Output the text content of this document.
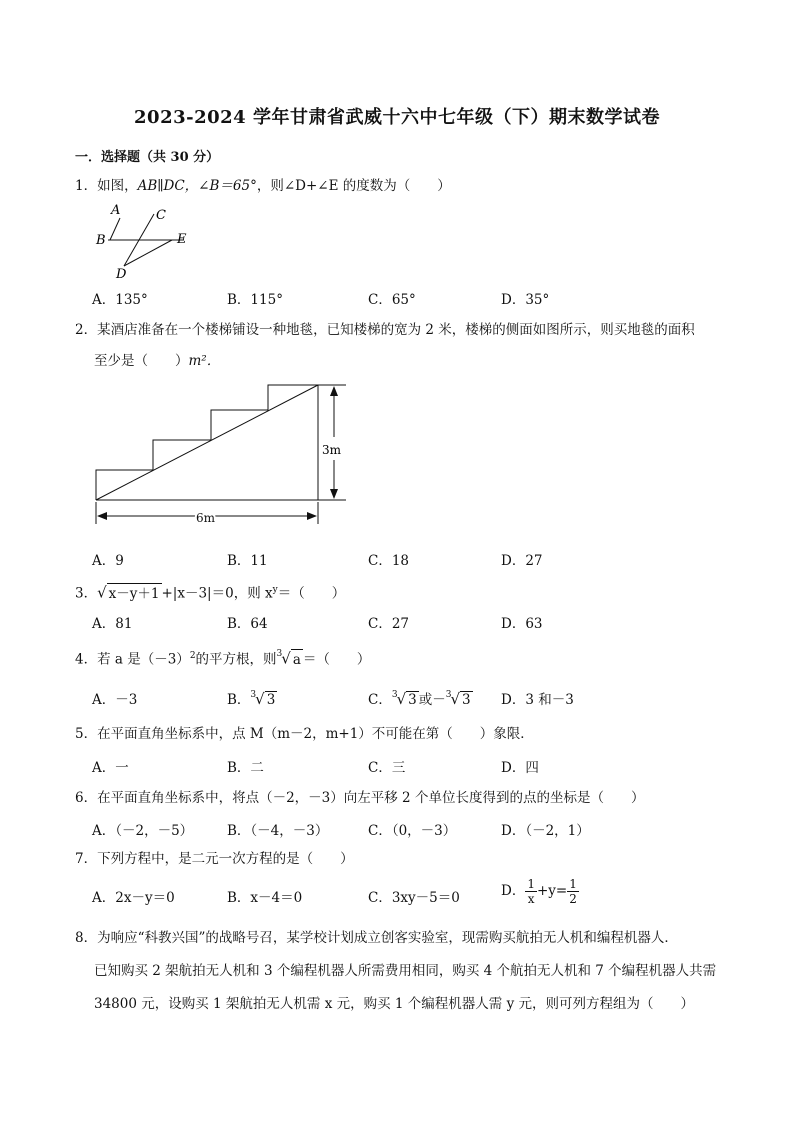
2023-2024 学年甘肃省武威十六中七年级（下）期末数学试卷
一．选择题（共 30 分）
1．如图，AB∥DC，∠B＝65°，则∠D+∠E 的度数为（　　）
A	C
B	E
D
A．135°	B．115°	C．65°	D．35°
2．某酒店准备在一个楼梯铺设一种地毯，已知楼梯的宽为 2 米，楼梯的侧面如图所示，则买地毯的面积
至少是（　　）m²．
3m
6m
A．9	B．11	C．18	D．27
3．√ x－y＋1 +|x－3|＝0，则 $x^y=$（　　）
A．81	B．64	C．27	D．63
4．若 a 是$(-3)^2$的平方根，则$^3$√ a ＝（　　）
A．－3	B．$^3$√ 3	C．$^3$√ 3 或－$^3$√ 3 D．3 和－3
5．在平面直角坐标系中，点 M（m－2，m+1）不可能在第（　　）象限．
A．一	B．二	C．三	D．四
6．在平面直角坐标系中，将点（－2，－3）向左平移 2 个单位长度得到的点的坐标是（　　）
A．（－2，－5）	B．（－4，－3）	C．（0，－3）	D．（－2，1）
7．下列方程中，是二元一次方程的是（　　）
A．2x－y＝0	B．x－4＝0	C．3xy－5＝0	D． $\frac{1}{x} +y= \frac{1}{2}$
8．为响应“科教兴国”的战略号召，某学校计划成立创客实验室，现需购买航拍无人机和编程机器人．
已知购买 2 架航拍无人机和 3 个编程机器人所需费用相同，购买 4 个航拍无人机和 7 个编程机器人共需
34800 元，设购买 1 架航拍无人机需 x 元，购买 1 个编程机器人需 y 元，则可列方程组为（　　）
